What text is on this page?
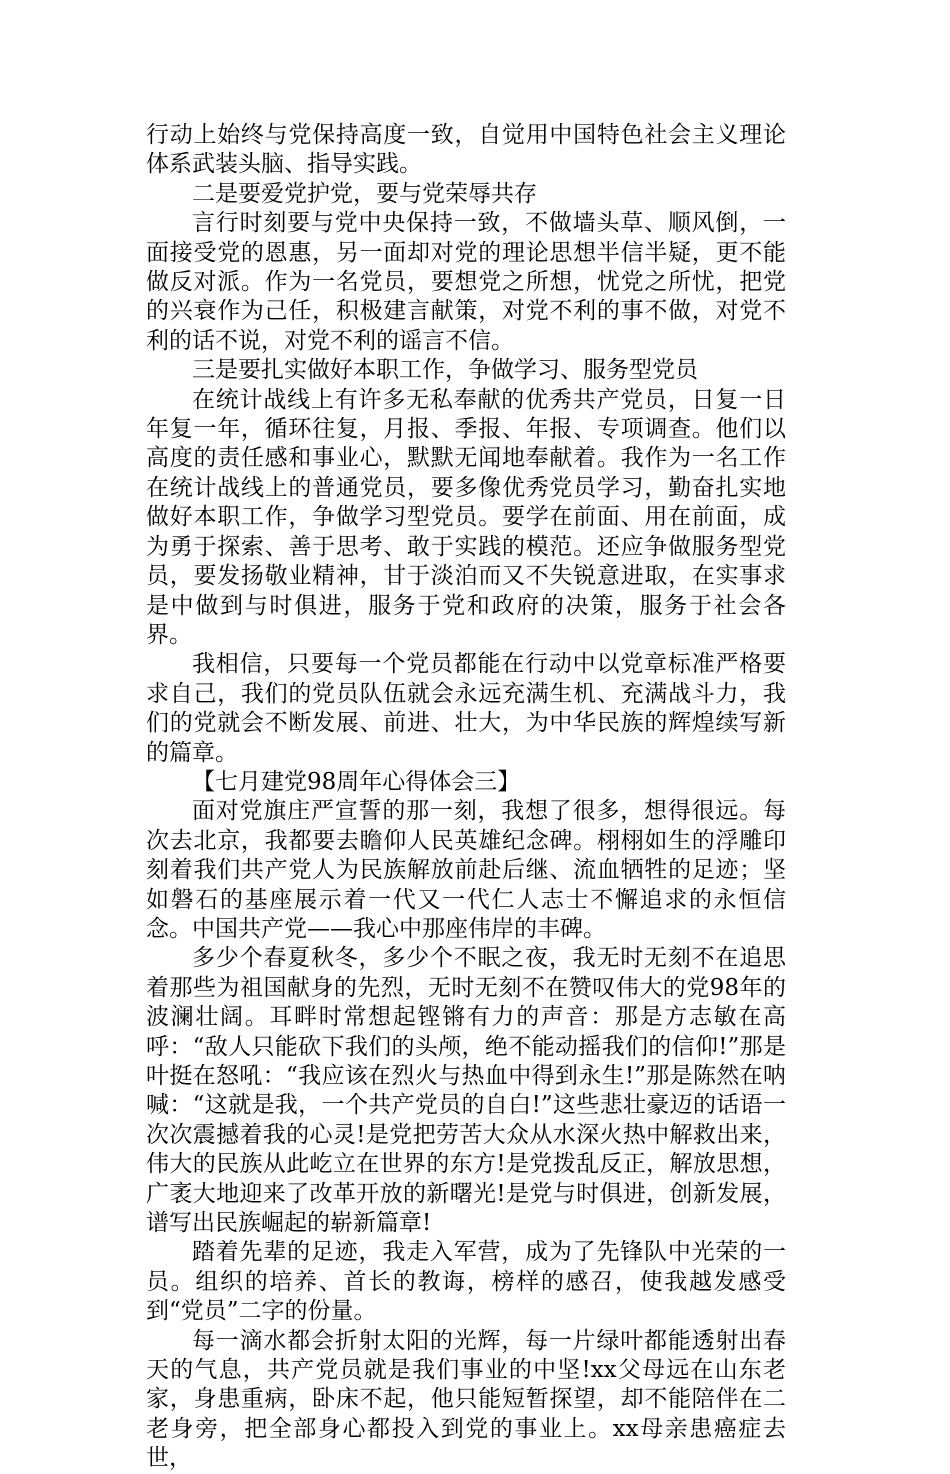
行动上始终与党保持高度一致，自觉用中国特色社会主义理论体系武装头脑、指导实践。

二是要爱党护党，要与党荣辱共存

言行时刻要与党中央保持一致，不做墙头草、顺风倒，一面接受党的恩惠，另一面却对党的理论思想半信半疑，更不能做反对派。作为一名党员，要想党之所想，忧党之所忧，把党的兴衰作为己任，积极建言献策，对党不利的事不做，对党不利的话不说，对党不利的谣言不信。

三是要扎实做好本职工作，争做学习、服务型党员

在统计战线上有许多无私奉献的优秀共产党员，日复一日年复一年，循环往复，月报、季报、年报、专项调查。他们以高度的责任感和事业心，默默无闻地奉献着。我作为一名工作在统计战线上的普通党员，要多像优秀党员学习，勤奋扎实地做好本职工作，争做学习型党员。要学在前面、用在前面，成为勇于探索、善于思考、敢于实践的模范。还应争做服务型党员，要发扬敬业精神，甘于淡泊而又不失锐意进取，在实事求是中做到与时俱进，服务于党和政府的决策，服务于社会各界。

我相信，只要每一个党员都能在行动中以党章标准严格要求自己，我们的党员队伍就会永远充满生机、充满战斗力，我们的党就会不断发展、前进、壮大，为中华民族的辉煌续写新的篇章。

【七月建党98周年心得体会三】

面对党旗庄严宣誓的那一刻，我想了很多，想得很远。每次去北京，我都要去瞻仰人民英雄纪念碑。栩栩如生的浮雕印刻着我们共产党人为民族解放前赴后继、流血牺牲的足迹；坚如磐石的基座展示着一代又一代仁人志士不懈追求的永恒信念。中国共产党——我心中那座伟岸的丰碑。

多少个春夏秋冬，多少个不眠之夜，我无时无刻不在追思着那些为祖国献身的先烈，无时无刻不在赞叹伟大的党98年的波澜壮阔。耳畔时常想起铿锵有力的声音：那是方志敏在高呼：“敌人只能砍下我们的头颅，绝不能动摇我们的信仰!”那是叶挺在怒吼：“我应该在烈火与热血中得到永生!”那是陈然在呐喊：“这就是我，一个共产党员的自白!”这些悲壮豪迈的话语一次次震撼着我的心灵!是党把劳苦大众从水深火热中解救出来，伟大的民族从此屹立在世界的东方!是党拨乱反正，解放思想，广袤大地迎来了改革开放的新曙光!是党与时俱进，创新发展，谱写出民族崛起的崭新篇章!

踏着先辈的足迹，我走入军营，成为了先锋队中光荣的一员。组织的培养、首长的教诲，榜样的感召，使我越发感受到“党员”二字的份量。

每一滴水都会折射太阳的光辉，每一片绿叶都能透射出春天的气息，共产党员就是我们事业的中坚!xx父母远在山东老家，身患重病，卧床不起，他只能短暂探望，却不能陪伴在二老身旁，把全部身心都投入到党的事业上。xx母亲患癌症去世，
